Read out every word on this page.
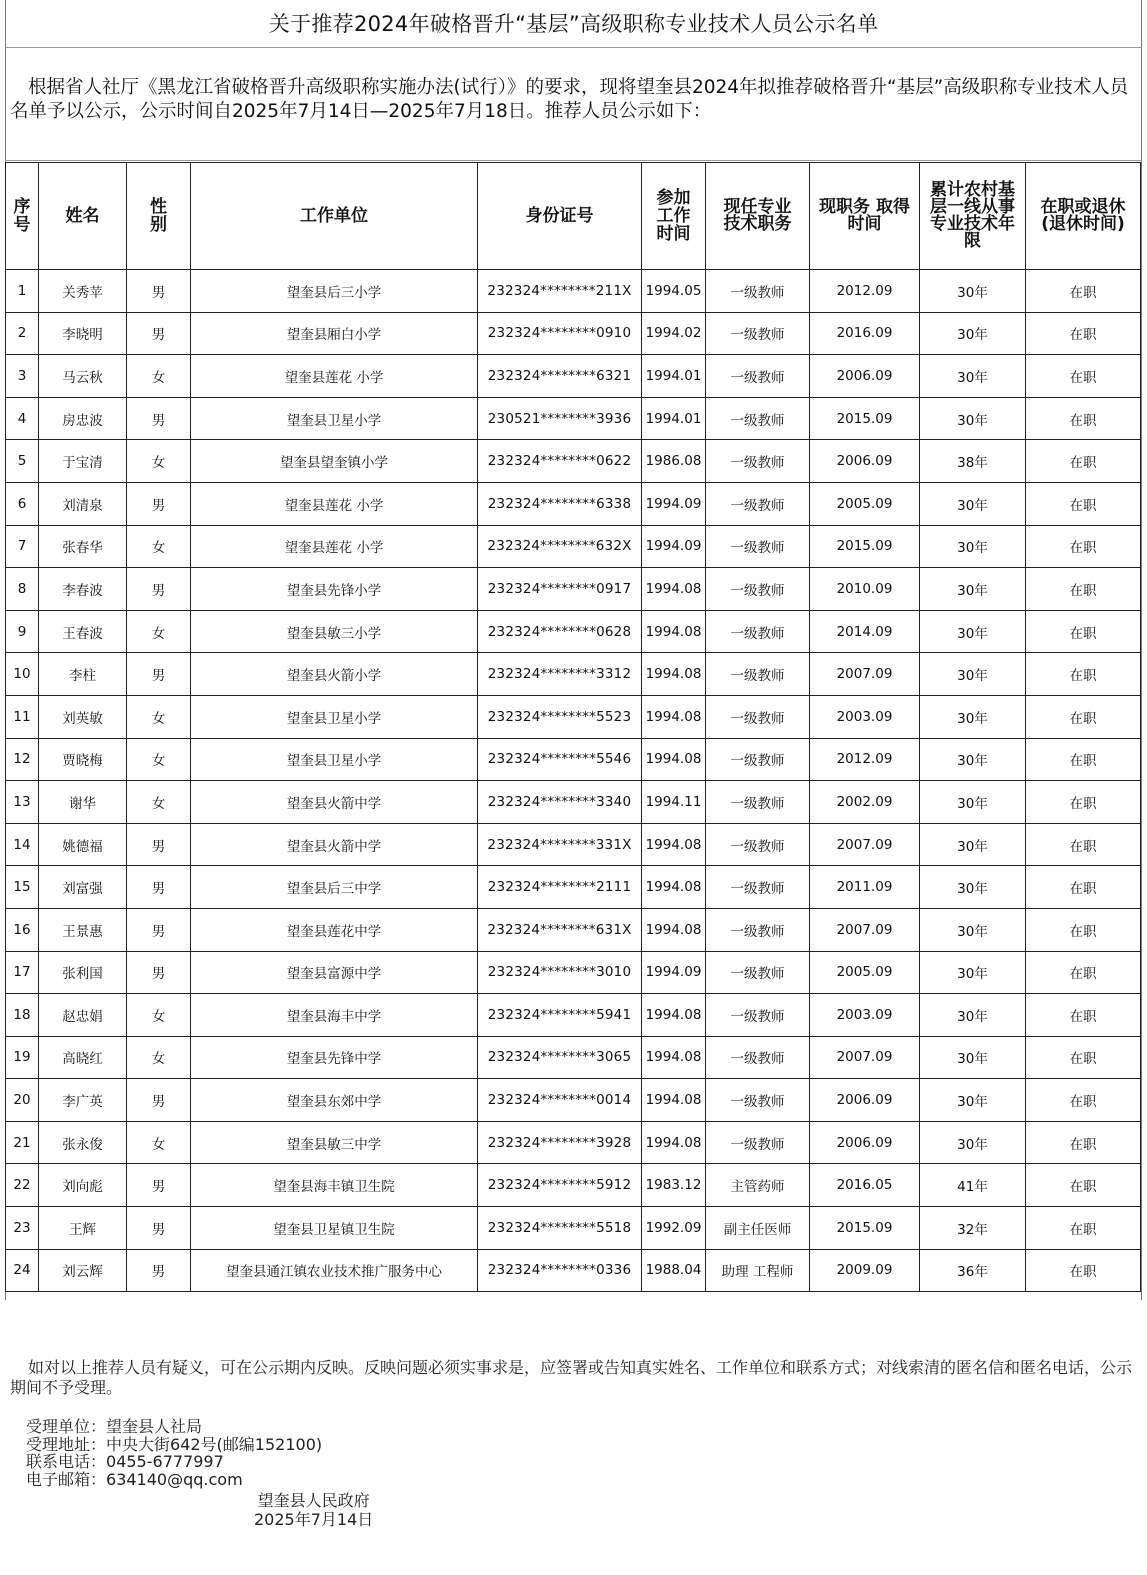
关于推荐2024年破格晋升“基层”高级职称专业技术人员公示名单
根据省人社厅《黑龙江省破格晋升高级职称实施办法(试行）》的要求，现将望奎县2024年拟推荐破格晋升“基层”高级职称专业技术人员名单予以公示，公示时间自2025年7月14日—2025年7月18日。推荐人员公示如下：
序号	姓名	性别	工作单位	身份证号	参加工作时间	现任专业技术职务	现职务 取得时间	累计农村基层一线从事专业技术年限	在职或退休(退休时间)
1	关秀苹	男	望奎县后三小学	232324********211X	1994.05	一级教师	2012.09	30年	在职
2	李晓明	男	望奎县厢白小学	232324********0910	1994.02	一级教师	2016.09	30年	在职
3	马云秋	女	望奎县莲花 小学	232324********6321	1994.01	一级教师	2006.09	30年	在职
4	房忠波	男	望奎县卫星小学	230521********3936	1994.01	一级教师	2015.09	30年	在职
5	于宝清	女	望奎县望奎镇小学	232324********0622	1986.08	一级教师	2006.09	38年	在职
6	刘清泉	男	望奎县莲花 小学	232324********6338	1994.09	一级教师	2005.09	30年	在职
7	张春华	女	望奎县莲花 小学	232324********632X	1994.09	一级教师	2015.09	30年	在职
8	李春波	男	望奎县先锋小学	232324********0917	1994.08	一级教师	2010.09	30年	在职
9	王春波	女	望奎县敏三小学	232324********0628	1994.08	一级教师	2014.09	30年	在职
10	李柱	男	望奎县火箭小学	232324********3312	1994.08	一级教师	2007.09	30年	在职
11	刘英敏	女	望奎县卫星小学	232324********5523	1994.08	一级教师	2003.09	30年	在职
12	贾晓梅	女	望奎县卫星小学	232324********5546	1994.08	一级教师	2012.09	30年	在职
13	谢华	女	望奎县火箭中学	232324********3340	1994.11	一级教师	2002.09	30年	在职
14	姚德福	男	望奎县火箭中学	232324********331X	1994.08	一级教师	2007.09	30年	在职
15	刘富强	男	望奎县后三中学	232324********2111	1994.08	一级教师	2011.09	30年	在职
16	王景惠	男	望奎县莲花中学	232324********631X	1994.08	一级教师	2007.09	30年	在职
17	张利国	男	望奎县富源中学	232324********3010	1994.09	一级教师	2005.09	30年	在职
18	赵忠娟	女	望奎县海丰中学	232324********5941	1994.08	一级教师	2003.09	30年	在职
19	高晓红	女	望奎县先锋中学	232324********3065	1994.08	一级教师	2007.09	30年	在职
20	李广英	男	望奎县东郊中学	232324********0014	1994.08	一级教师	2006.09	30年	在职
21	张永俊	女	望奎县敏三中学	232324********3928	1994.08	一级教师	2006.09	30年	在职
22	刘向彪	男	望奎县海丰镇卫生院	232324********5912	1983.12	主管药师	2016.05	41年	在职
23	王辉	男	望奎县卫星镇卫生院	232324********5518	1992.09	副主任医师	2015.09	32年	在职
24	刘云辉	男	望奎县通江镇农业技术推广服务中心	232324********0336	1988.04	助理 工程师	2009.09	36年	在职
如对以上推荐人员有疑义，可在公示期内反映。反映问题必须实事求是，应签署或告知真实姓名、工作单位和联系方式；对线索清的匿名信和匿名电话，公示期间不予受理。
受理单位：望奎县人社局
受理地址：中央大街642号(邮编152100)
联系电话：0455-6777997
电子邮箱：634140@qq.com
望奎县人民政府
2025年7月14日
